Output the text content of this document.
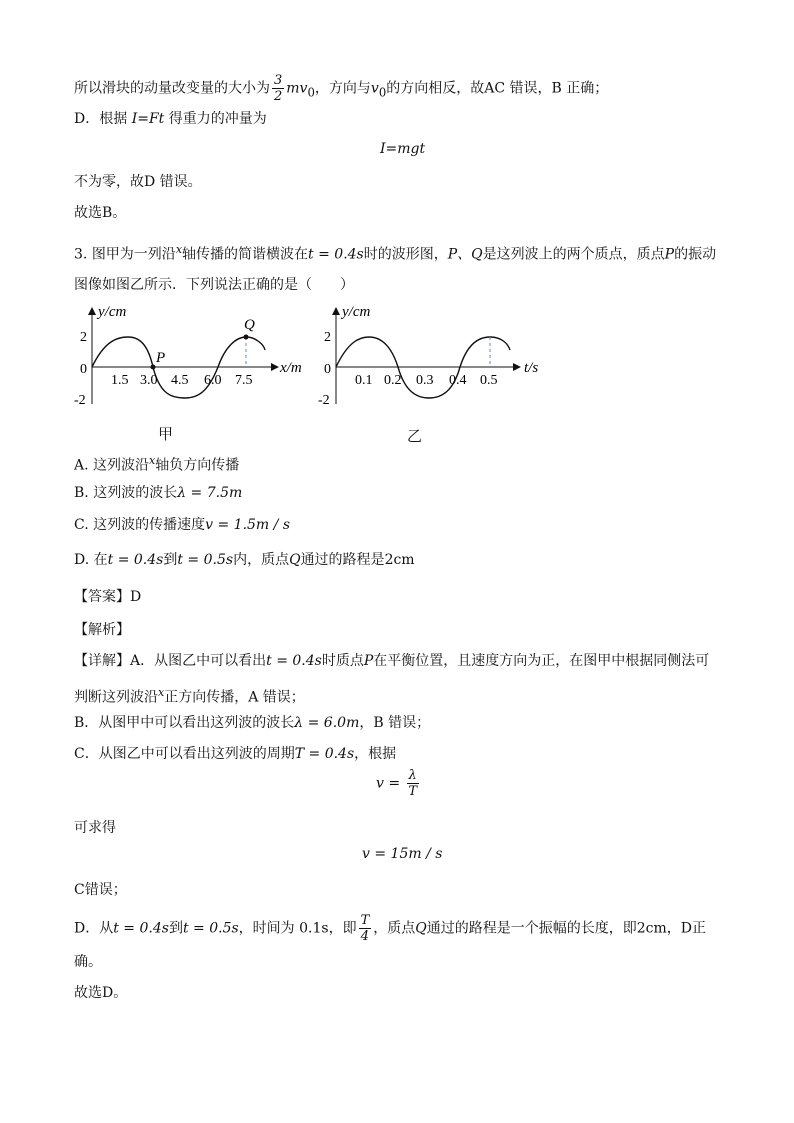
所以滑块的动量改变量的大小为 $\frac{3}{2} mv_0$，方向与$v_0$的方向相反，故AC 错误，B 正确；
D．根据 I=Ft 得重力的冲量为
I=mgt
不为零，故D 错误。
故选B。
3. 图甲为一列沿$^x$轴传播的简谐横波在t = 0.4s时的波形图，P、Q是这列波上的两个质点，质点P的振动
图像如图乙所示．下列说法正确的是（　　）
y/cm
x/m
2
0
-2
P
Q
1.5 3.0 4.5 6.0 7.5
y/cm
t/s
2
0
-2
0.1 0.2 0.3 0.4 0.5
甲	乙
A. 这列波沿$^x$轴负方向传播
B. 这列波的波长λ = 7.5m
C. 这列波的传播速度v = 1.5m / s
D. 在t = 0.4s到t = 0.5s内，质点Q通过的路程是2cm
【答案】D
【解析】
【详解】A．从图乙中可以看出t = 0.4s时质点P在平衡位置，且速度方向为正，在图甲中根据同侧法可
判断这列波沿$^x$正方向传播，A 错误；
B．从图甲中可以看出这列波的波长λ = 6.0m，B 错误；
C．从图乙中可以看出这列波的周期T = 0.4s，根据
$v = \frac{\lambda}{T}$
可求得
v = 15m / s
C错误；
D．从t = 0.4s到t = 0.5s，时间为 0.1s，即 $\frac{T}{4}$ ，质点Q通过的路程是一个振幅的长度，即2cm，D正
确。
故选D。
